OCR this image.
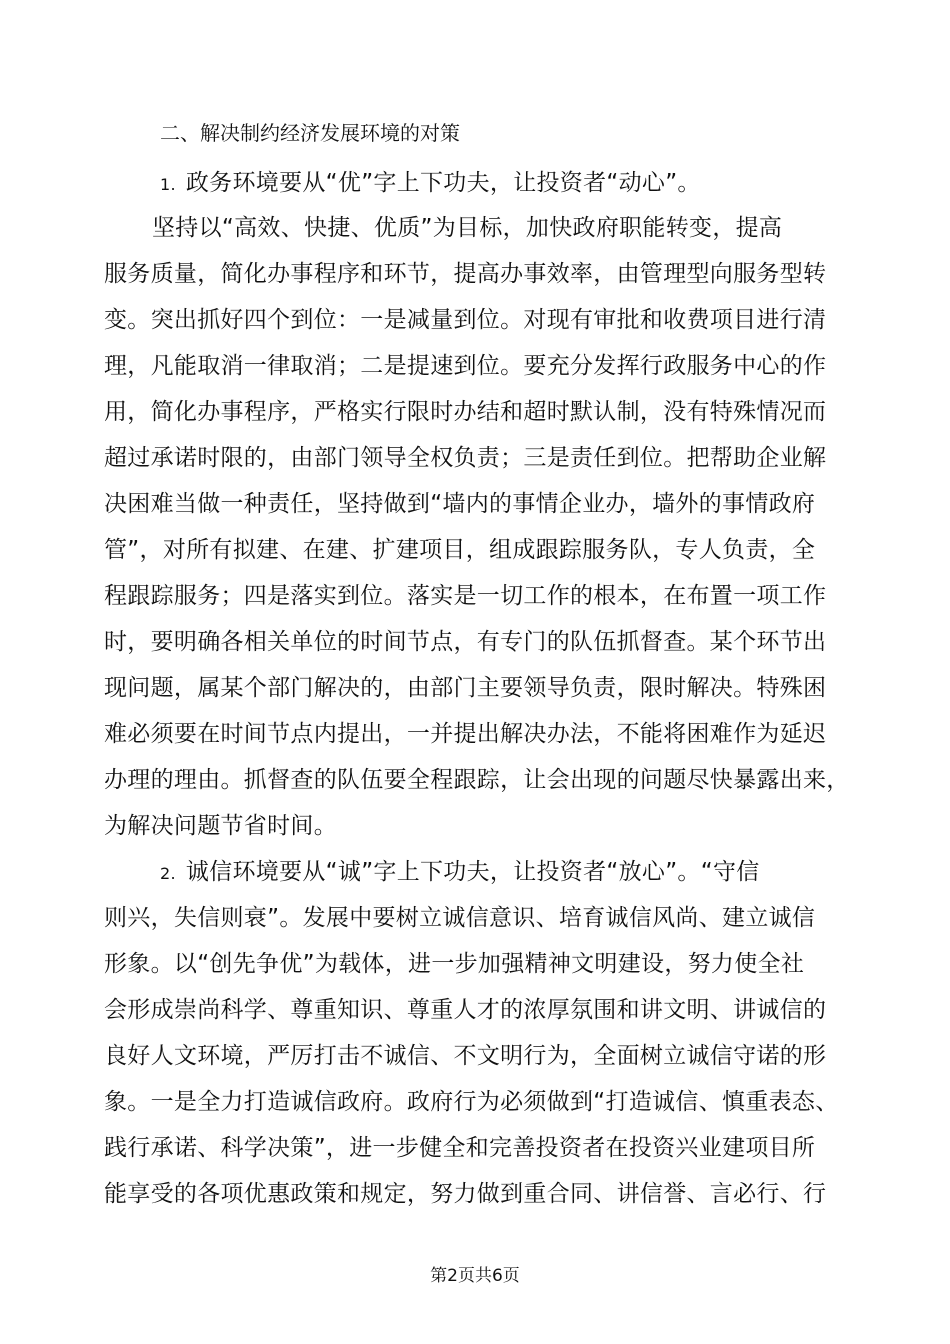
二、解决制约经济发展环境的对策
1. 政务环境要从“优”字上下功夫，让投资者“动心”。
坚持以“高效、快捷、优质”为目标，加快政府职能转变，提高
服务质量，简化办事程序和环节，提高办事效率，由管理型向服务型转
变。突出抓好四个到位：一是减量到位。对现有审批和收费项目进行清
理，凡能取消一律取消；二是提速到位。要充分发挥行政服务中心的作
用，简化办事程序，严格实行限时办结和超时默认制，没有特殊情况而
超过承诺时限的，由部门领导全权负责；三是责任到位。把帮助企业解
决困难当做一种责任，坚持做到“墙内的事情企业办，墙外的事情政府
管”，对所有拟建、在建、扩建项目，组成跟踪服务队，专人负责，全
程跟踪服务；四是落实到位。落实是一切工作的根本，在布置一项工作
时，要明确各相关单位的时间节点，有专门的队伍抓督查。某个环节出
现问题，属某个部门解决的，由部门主要领导负责，限时解决。特殊困
难必须要在时间节点内提出，一并提出解决办法，不能将困难作为延迟
办理的理由。抓督查的队伍要全程跟踪，让会出现的问题尽快暴露出来，
为解决问题节省时间。
2. 诚信环境要从“诚”字上下功夫，让投资者“放心”。“守信
则兴，失信则衰”。发展中要树立诚信意识、培育诚信风尚、建立诚信
形象。以“创先争优”为载体，进一步加强精神文明建设，努力使全社
会形成崇尚科学、尊重知识、尊重人才的浓厚氛围和讲文明、讲诚信的
良好人文环境，严厉打击不诚信、不文明行为，全面树立诚信守诺的形
象。一是全力打造诚信政府。政府行为必须做到“打造诚信、慎重表态、
践行承诺、科学决策”，进一步健全和完善投资者在投资兴业建项目所
能享受的各项优惠政策和规定，努力做到重合同、讲信誉、言必行、行
第2页共6页
